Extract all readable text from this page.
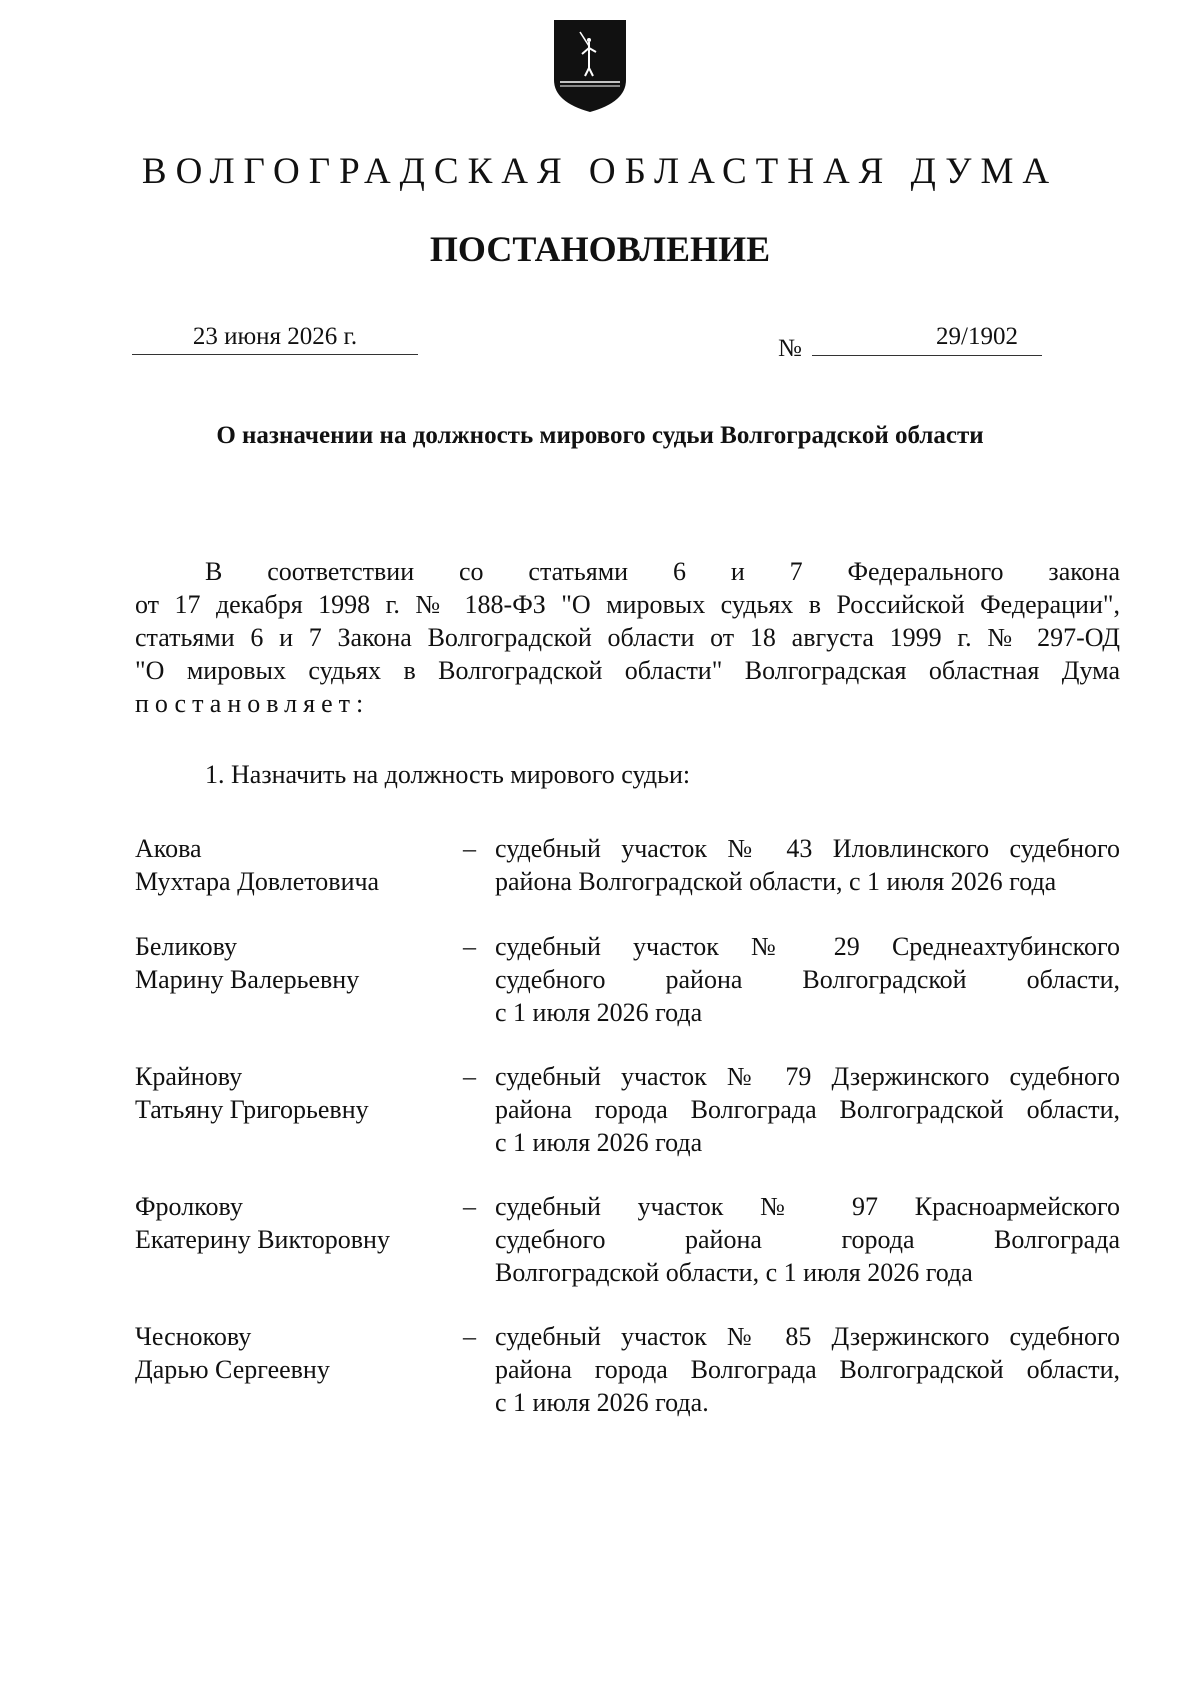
ВОЛГОГРАДСКАЯ ОБЛАСТНАЯ ДУМА
ПОСТАНОВЛЕНИЕ
23 июня 2026 г.	№	29/1902
О назначении на должность мирового судьи Волгоградской области
В соответствии со статьями 6 и 7 Федерального закона
от 17 декабря 1998 г. № 188-ФЗ "О мировых судьях в Российской Федерации",
статьями 6 и 7 Закона Волгоградской области от 18 августа 1999 г. № 297-ОД
"О мировых судьях в Волгоградской области" Волгоградская областная Дума
постановляет:
1. Назначить на должность мирового судьи:
Акова
Мухтара Довлетовича
– судебный участок № 43 Иловлинского судебного
района Волгоградской области, с 1 июля 2026 года
Беликову
Марину Валерьевну
– судебный участок № 29 Среднеахтубинского
судебного района Волгоградской области,
с 1 июля 2026 года
Крайнову
Татьяну Григорьевну
– судебный участок № 79 Дзержинского судебного
района города Волгограда Волгоградской области,
с 1 июля 2026 года
Фролкову
Екатерину Викторовну
– судебный участок № 97 Красноармейского
судебного района города Волгограда
Волгоградской области, с 1 июля 2026 года
Чеснокову
Дарью Сергеевну
– судебный участок № 85 Дзержинского судебного
района города Волгограда Волгоградской области,
с 1 июля 2026 года.
